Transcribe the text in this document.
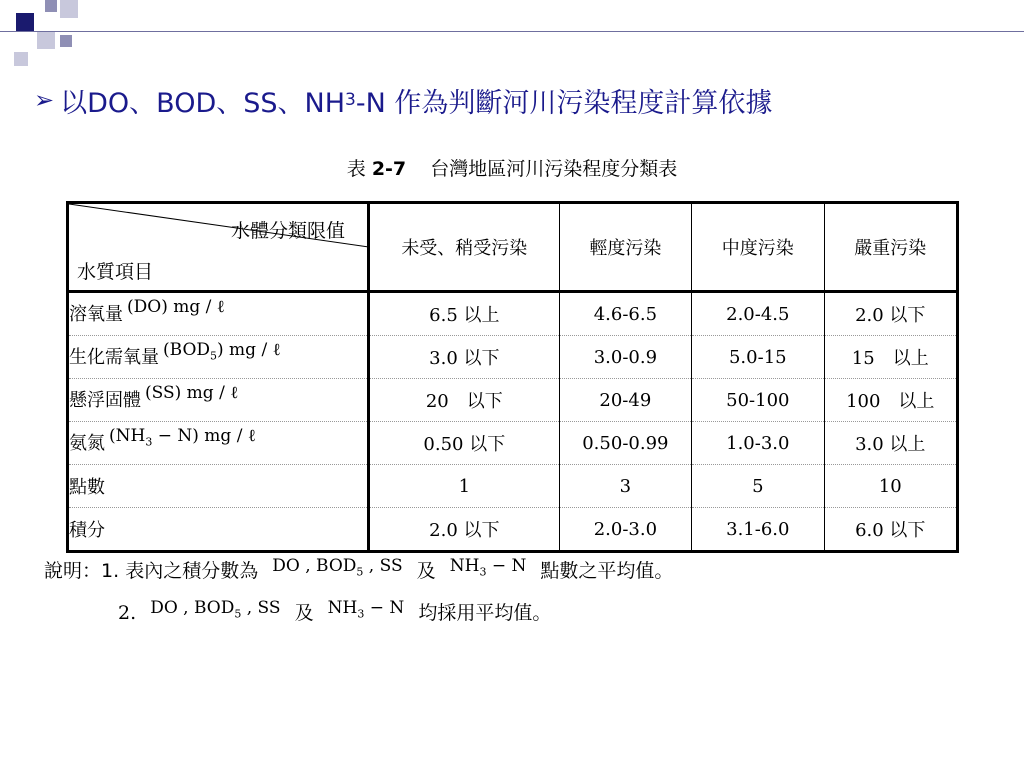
➢ 以DO、BOD、SS、NH 3 -N 作為判斷河川污染程度計算依據
表 2-7 台灣地區河川污染程度分類表
水體分類限值
水質項目	未受、稍受污染	輕度污染	中度污染	嚴重污染
溶氧量 (DO) mg / ℓ	6.5 以上	4.6-6.5	2.0-4.5	2.0 以下
生化需氧量 $(BOD_5)$ mg / ℓ	3.0 以下	3.0-0.9	5.0-15	15　以上
懸浮固體 (SS) mg / ℓ	20　以下	20-49	50-100	100　以上
氨氮 $(NH_3 - N)$ mg / ℓ	0.50 以下	0.50-0.99	1.0-3.0	3.0 以上
點數	1	3	5	10
積分	2.0 以下	2.0-3.0	3.1-6.0	6.0 以下
說明：1. 表內之積分數為 DO , $BOD_5$ , SS 及 $NH_3 - N$ 點數之平均值。
2. DO , $BOD_5$ , SS 及 $NH_3 - N$ 均採用平均值。
